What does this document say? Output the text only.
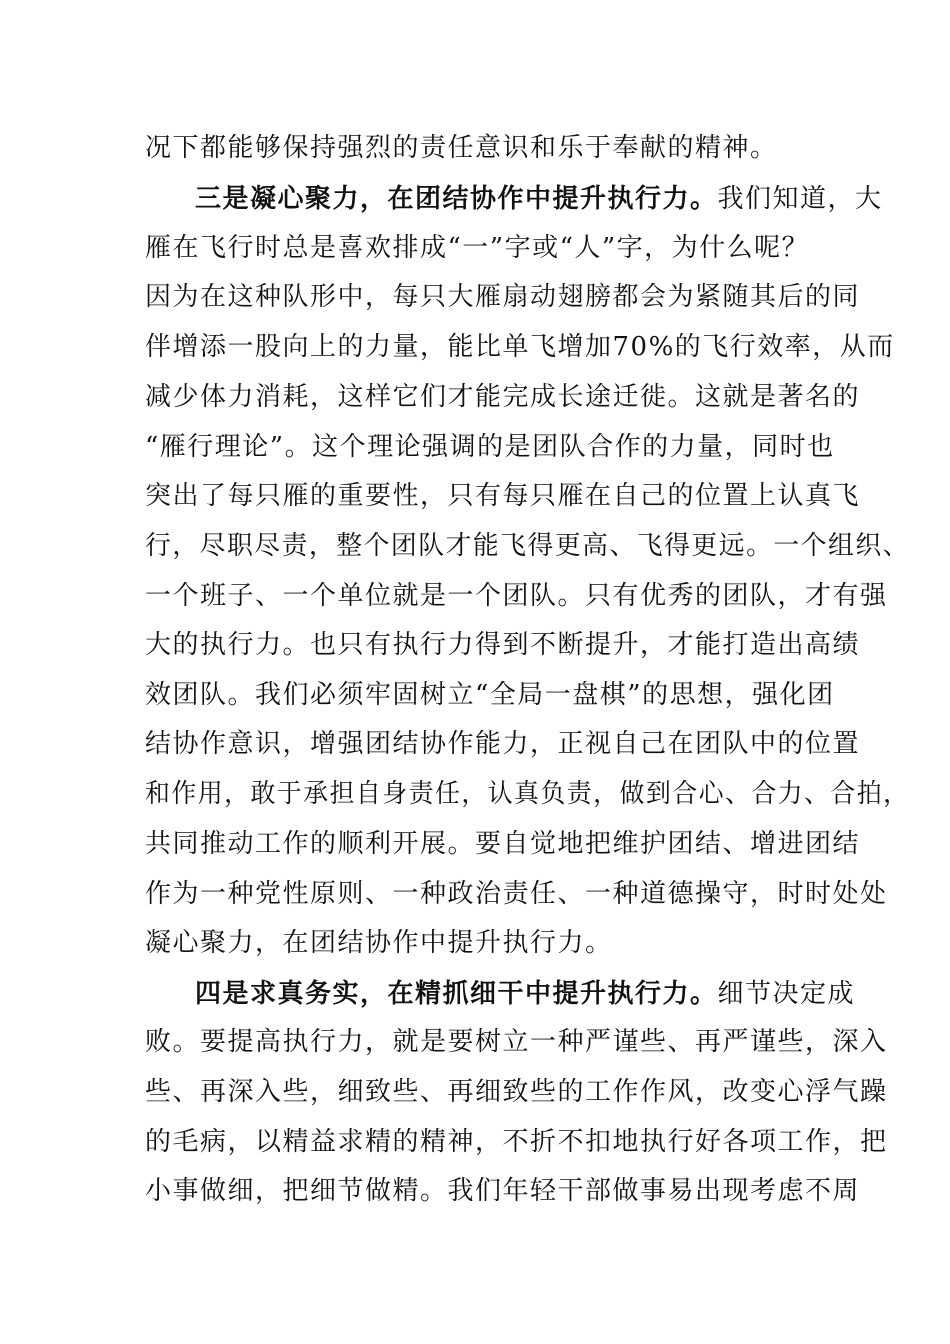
况下都能够保持强烈的责任意识和乐于奉献的精神。
三是凝心聚力，在团结协作中提升执行力。我们知道，大
雁在飞行时总是喜欢排成“一”字或“人”字，为什么呢？
因为在这种队形中，每只大雁扇动翅膀都会为紧随其后的同
伴增添一股向上的力量，能比单飞增加70%的飞行效率，从而
减少体力消耗，这样它们才能完成长途迁徙。这就是著名的
“雁行理论”。这个理论强调的是团队合作的力量，同时也
突出了每只雁的重要性，只有每只雁在自己的位置上认真飞
行，尽职尽责，整个团队才能飞得更高、飞得更远。一个组织、
一个班子、一个单位就是一个团队。只有优秀的团队，才有强
大的执行力。也只有执行力得到不断提升，才能打造出高绩
效团队。我们必须牢固树立“全局一盘棋”的思想，强化团
结协作意识，增强团结协作能力，正视自己在团队中的位置
和作用，敢于承担自身责任，认真负责，做到合心、合力、合拍，
共同推动工作的顺利开展。要自觉地把维护团结、增进团结
作为一种党性原则、一种政治责任、一种道德操守，时时处处
凝心聚力，在团结协作中提升执行力。
四是求真务实，在精抓细干中提升执行力。细节决定成
败。要提高执行力，就是要树立一种严谨些、再严谨些，深入
些、再深入些，细致些、再细致些的工作作风，改变心浮气躁
的毛病，以精益求精的精神，不折不扣地执行好各项工作，把
小事做细，把细节做精。我们年轻干部做事易出现考虑不周
